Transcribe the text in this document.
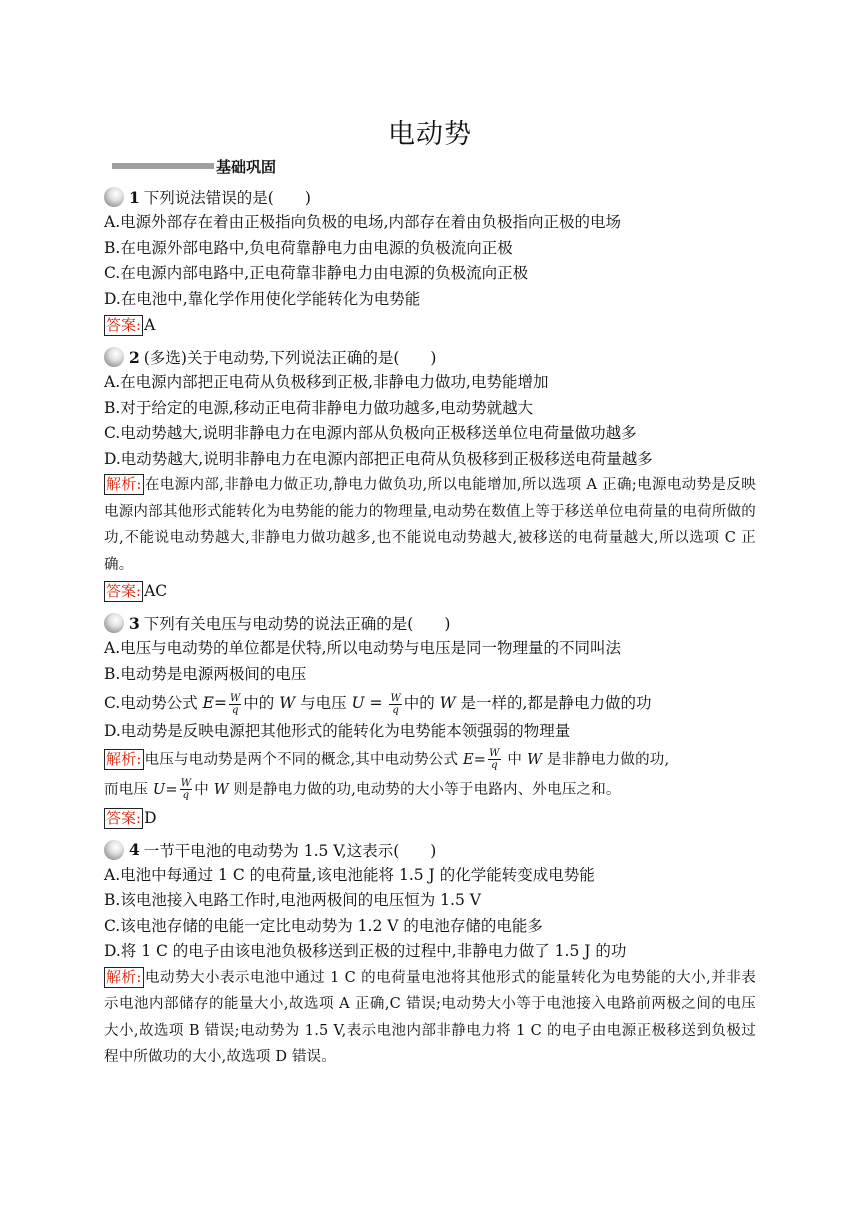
电动势
基础巩固
1 下列说法错误的是(　　)
A.电源外部存在着由正极指向负极的电场,内部存在着由负极指向正极的电场
B.在电源外部电路中,负电荷靠静电力由电源的负极流向正极
C.在电源内部电路中,正电荷靠非静电力由电源的负极流向正极
D.在电池中,靠化学作用使化学能转化为电势能
答案: A
2 (多选)关于电动势,下列说法正确的是(　　)
A.在电源内部把正电荷从负极移到正极,非静电力做功,电势能增加
B.对于给定的电源,移动正电荷非静电力做功越多,电动势就越大
C.电动势越大,说明非静电力在电源内部从负极向正极移送单位电荷量做功越多
D.电动势越大,说明非静电力在电源内部把正电荷从负极移到正极移送电荷量越多
解析: 在电源内部,非静电力做正功,静电力做负功,所以电能增加,所以选项 A 正确;电源电动势是反映电源内部其他形式能转化为电势能的能力的物理量,电动势在数值上等于移送单位电荷量的电荷所做的功,不能说电动势越大,非静电力做功越多,也不能说电动势越大,被移送的电荷量越大,所以选项 C 正确。
答案: AC
3 下列有关电压与电动势的说法正确的是(　　)
A.电压与电动势的单位都是伏特,所以电动势与电压是同一物理量的不同叫法
B.电动势是电源两极间的电压
C.电动势公式 $E= \frac{W}{q}$ 中的 W 与电压 $U = \frac{W}{q}$ 中的 W 是一样的,都是静电力做的功
D.电动势是反映电源把其他形式的能转化为电势能本领强弱的物理量
解析: 电压与电动势是两个不同的概念,其中电动势公式 $E= \frac{W}{q}$ 中 W 是非静电力做的功,
而电压 $U= \frac{W}{q}$ 中 W 则是静电力做的功,电动势的大小等于电路内、外电压之和。
答案: D
4 一节干电池的电动势为 1.5 V,这表示(　　)
A.电池中每通过 1 C 的电荷量,该电池能将 1.5 J 的化学能转变成电势能
B.该电池接入电路工作时,电池两极间的电压恒为 1.5 V
C.该电池存储的电能一定比电动势为 1.2 V 的电池存储的电能多
D.将 1 C 的电子由该电池负极移送到正极的过程中,非静电力做了 1.5 J 的功
解析: 电动势大小表示电池中通过 1 C 的电荷量电池将其他形式的能量转化为电势能的大小,并非表示电池内部储存的能量大小,故选项 A 正确,C 错误;电动势大小等于电池接入电路前两极之间的电压大小,故选项 B 错误;电动势为 1.5 V,表示电池内部非静电力将 1 C 的电子由电源正极移送到负极过程中所做功的大小,故选项 D 错误。
